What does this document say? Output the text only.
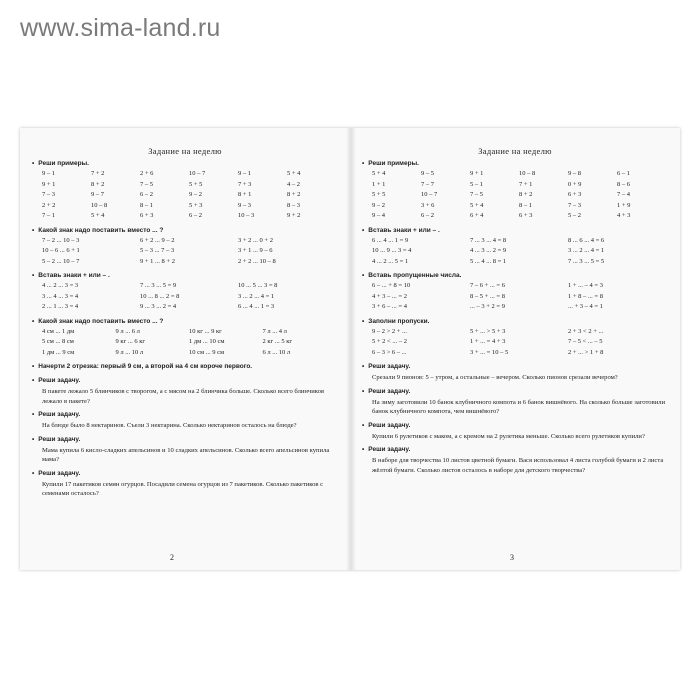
www.sima-land.ru
Задание на неделю
• Реши примеры.
9 – 1	7 + 2	2 + 6	10 – 7	9 – 1	5 + 4
9 + 1	8 + 2	7 – 5	5 + 5	7 + 3	4 – 2
7 – 3	9 – 7	6 – 2	9 – 2	8 + 1	8 + 2
2 + 2	10 – 8	8 – 1	5 + 3	9 – 3	8 – 3
7 – 1	5 + 4	6 + 3	6 – 2	10 – 3	9 + 2
• Какой знак надо поставить вместо ... ?
7 – 2 ... 10 – 3	6 + 2 ... 9 – 2	3 + 2 ... 0 + 2
10 – 6 ... 6 + 1	5 – 3 ... 7 – 3	3 + 1 ... 9 – 6
5 – 2 ... 10 – 7	9 + 1 ... 8 + 2	2 + 2 ... 10 – 8
• Вставь знаки + или – .
4 ... 2 ... 3 = 3	7 ... 3 ... 5 = 9	10 ... 5 ... 3 = 8
3 ... 4 ... 3 = 4	10 ... 8 ... 2 = 8	3 ... 2 ... 4 = 1
2 ... 1 ... 3 = 4	9 ... 3 ... 2 = 4	6 ... 4 ... 1 = 3
• Какой знак надо поставить вместо ... ?
4 см ... 1 дм	9 л ... 6 л	10 кг ... 9 кг	7 л ... 4 л
5 см ... 8 см	9 кг ... 6 кг	1 дм ... 10 см	2 кг ... 5 кг
1 дм ... 9 см	9 л ... 10 л	10 см ... 9 см	6 л ... 10 л
• Начерти 2 отрезка: первый 9 см, а второй на 4 см короче первого.
• Реши задачу.
В пакете лежало 5 блинчиков с творогом, а с мясом на 2 блинчика больше. Сколько всего блинчиков лежало в пакете?
• Реши задачу.
На блюде было 8 нектаринов. Съели 3 нектарина. Сколько нектаринов осталось на блюде?
• Реши задачу.
Мама купила 6 кисло-сладких апельсинов и 10 сладких апельсинов. Сколько всего апельсинов купила мама?
• Реши задачу.
Купили 17 пакетиков семян огурцов. Посадили семена огурцов из 7 пакетиков. Сколько пакетиков с семенами осталось?
2
Задание на неделю
• Реши примеры.
5 + 4	9 – 5	9 + 1	10 – 8	9 – 8	6 – 1
1 + 1	7 – 7	5 – 1	7 + 1	0 + 9	8 – 6
5 + 5	10 – 7	7 – 5	8 + 2	6 + 3	7 – 4
9 – 2	3 + 6	5 + 4	8 – 1	7 – 3	1 + 9
9 – 4	6 – 2	6 + 4	6 + 3	5 – 2	4 + 3
• Вставь знаки + или – .
6 ... 4 ... 1 = 9	7 ... 3 ... 4 = 8	8 ... 6 ... 4 = 6
10 ... 9 ... 3 = 4	4 ... 3 ... 2 = 9	3 ... 2 ... 4 = 1
4 ... 2 ... 5 = 1	5 ... 4 ... 8 = 1	7 ... 3 ... 5 = 5
• Вставь пропущенные числа.
6 – ... + 8 = 10	7 – 6 + ... = 6	1 + ... – 4 = 3
4 + 3 – ... = 2	8 – 5 + ... = 8	1 + 8 – ... = 8
3 + 6 – ... = 4	... – 3 + 2 = 9	... + 3 – 4 = 1
• Заполни пропуски.
9 – 2 > 2 + ...	5 + ... > 5 + 3	2 + 3 < 2 + ...
5 + 2 < ... – 2	1 + ... = 4 + 3	7 – 5 < ... – 5
6 – 3 > 6 – ...	3 + ... = 10 – 5	2 + ... > 1 + 8
• Реши задачу.
Срезали 9 пионов: 5 – утром, а остальные – вечером. Сколько пионов срезали вечером?
• Реши задачу.
На зиму заготовили 10 банок клубничного компота и 6 банок вишнёвого. На сколько больше заготовили банок клубничного компота, чем вишнёвого?
• Реши задачу.
Купили 6 рулетиков с маком, а с кремом на 2 рулетика меньше. Сколько всего рулетиков купили?
• Реши задачу.
В наборе для творчества 10 листов цветной бумаги. Вася использовал 4 листа голубой бумаги и 2 листа жёлтой бумаги. Сколько листов осталось в наборе для детского творчества?
3
